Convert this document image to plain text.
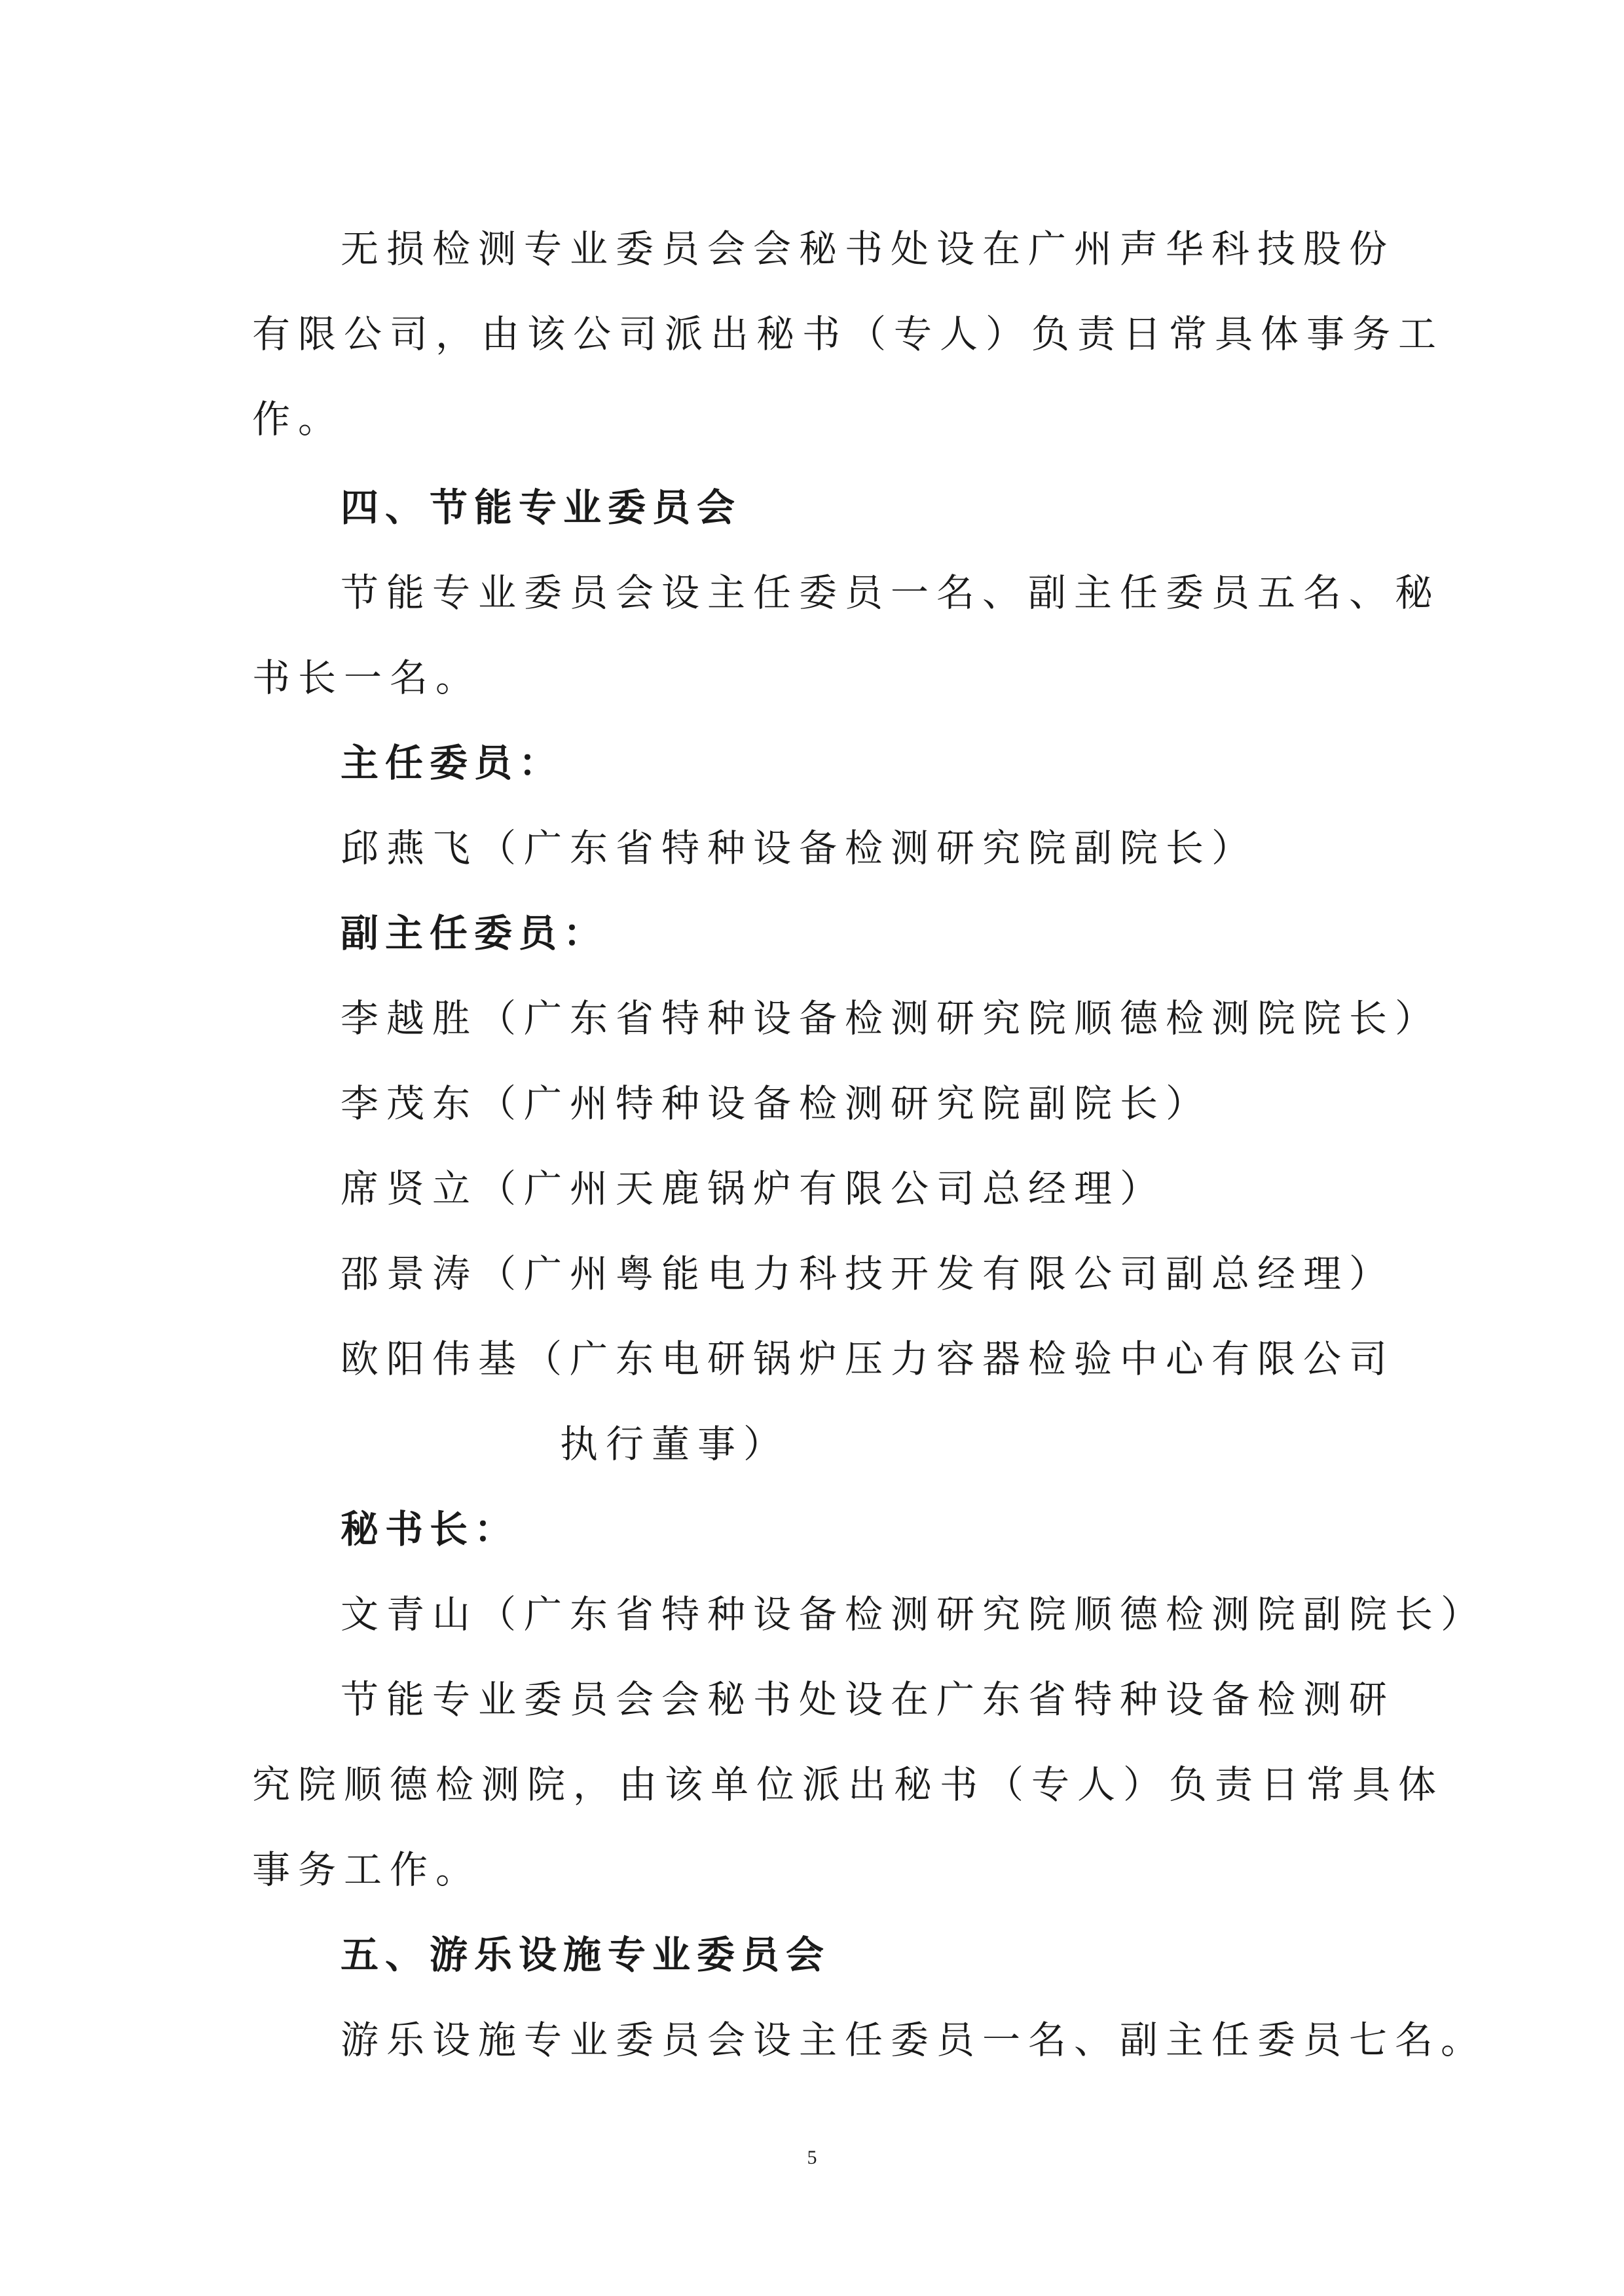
无损检测专业委员会会秘书处设在广州声华科技股份
有限公司，由该公司派出秘书（专人）负责日常具体事务工
作。
四、节能专业委员会
节能专业委员会设主任委员一名、副主任委员五名、秘
书长一名。
主任委员：
邱燕飞（广东省特种设备检测研究院副院长）
副主任委员：
李越胜（广东省特种设备检测研究院顺德检测院院长）
李茂东（广州特种设备检测研究院副院长）
席贤立（广州天鹿锅炉有限公司总经理）
邵景涛（广州粤能电力科技开发有限公司副总经理）
欧阳伟基（广东电研锅炉压力容器检验中心有限公司
执行董事）
秘书长：
文青山（广东省特种设备检测研究院顺德检测院副院长）
节能专业委员会会秘书处设在广东省特种设备检测研
究院顺德检测院，由该单位派出秘书（专人）负责日常具体
事务工作。
五、游乐设施专业委员会
游乐设施专业委员会设主任委员一名、副主任委员七名。
5
